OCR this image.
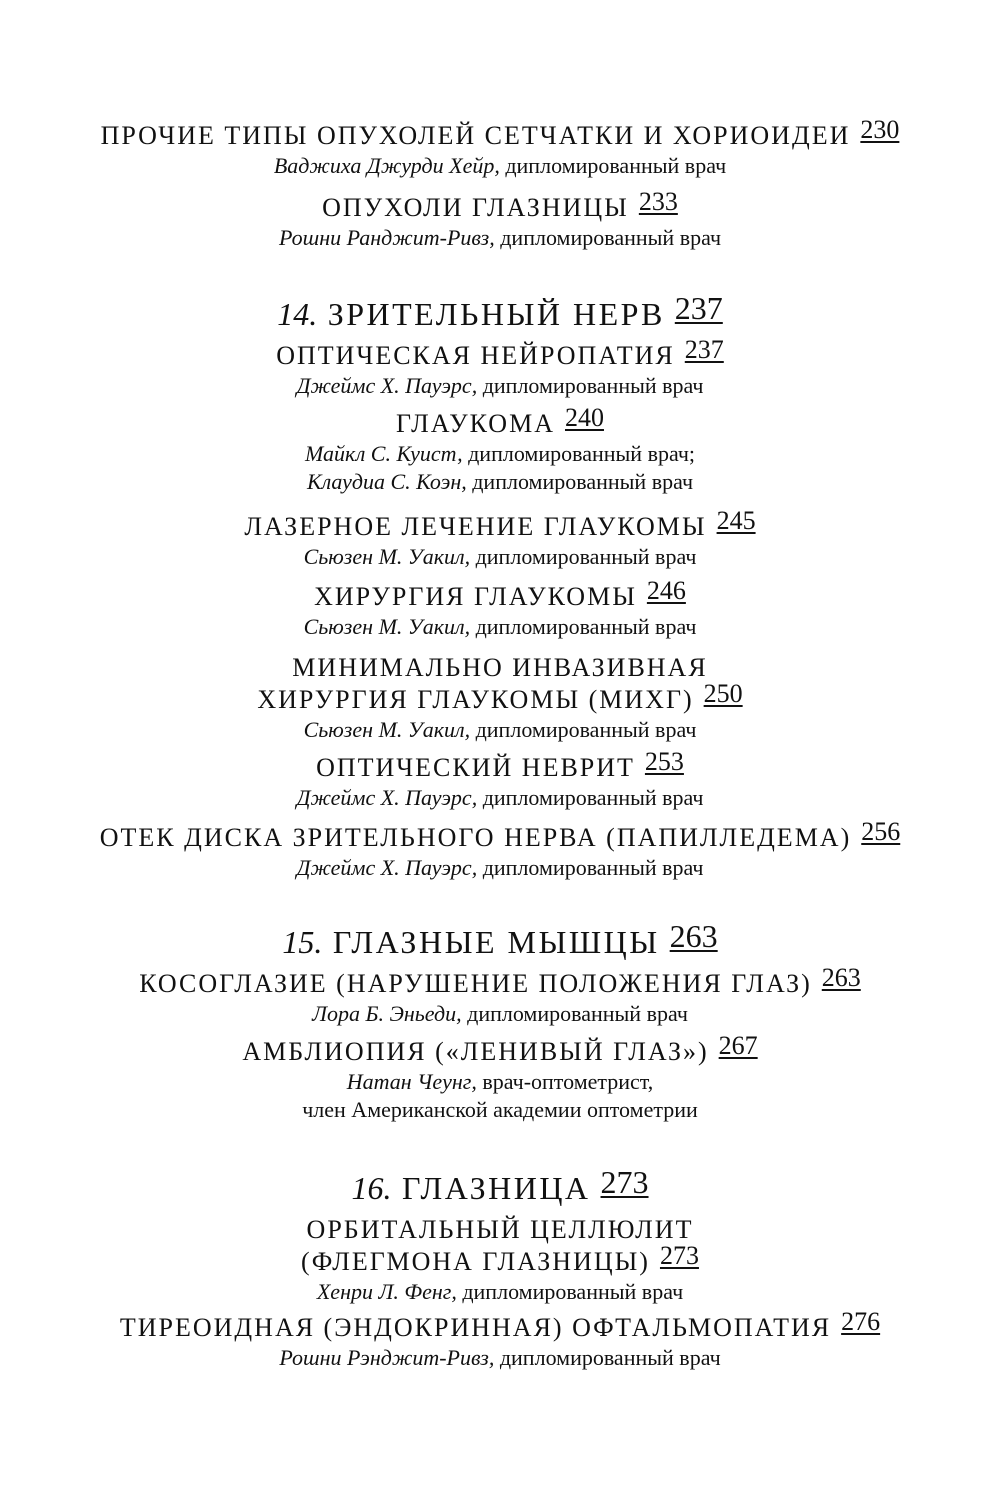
ПРОЧИЕ ТИПЫ ОПУХОЛЕЙ СЕТЧАТКИ И ХОРИОИДЕИ 230
Ваджиха Джурди Хейр, дипломированный врач
ОПУХОЛИ ГЛАЗНИЦЫ 233
Рошни Ранджит-Ривз, дипломированный врач
14. ЗРИТЕЛЬНЫЙ НЕРВ 237
ОПТИЧЕСКАЯ НЕЙРОПАТИЯ 237
Джеймс Х. Пауэрс, дипломированный врач
ГЛАУКОМА 240
Майкл С. Куист, дипломированный врач;
Клаудиа С. Коэн, дипломированный врач
ЛАЗЕРНОЕ ЛЕЧЕНИЕ ГЛАУКОМЫ 245
Сьюзен М. Уакил, дипломированный врач
ХИРУРГИЯ ГЛАУКОМЫ 246
Сьюзен М. Уакил, дипломированный врач
МИНИМАЛЬНО ИНВАЗИВНАЯ
ХИРУРГИЯ ГЛАУКОМЫ (МИХГ) 250
Сьюзен М. Уакил, дипломированный врач
ОПТИЧЕСКИЙ НЕВРИТ 253
Джеймс Х. Пауэрс, дипломированный врач
ОТЕК ДИСКА ЗРИТЕЛЬНОГО НЕРВА (ПАПИЛЛЕДЕМА) 256
Джеймс Х. Пауэрс, дипломированный врач
15. ГЛАЗНЫЕ МЫШЦЫ 263
КОСОГЛАЗИЕ (НАРУШЕНИЕ ПОЛОЖЕНИЯ ГЛАЗ) 263
Лора Б. Эньеди, дипломированный врач
АМБЛИОПИЯ («ЛЕНИВЫЙ ГЛАЗ») 267
Натан Чеунг, врач-оптометрист,
член Американской академии оптометрии
16. ГЛАЗНИЦА 273
ОРБИТАЛЬНЫЙ ЦЕЛЛЮЛИТ
(ФЛЕГМОНА ГЛАЗНИЦЫ) 273
Хенри Л. Фенг, дипломированный врач
ТИРЕОИДНАЯ (ЭНДОКРИННАЯ) ОФТАЛЬМОПАТИЯ 276
Рошни Рэнджит-Ривз, дипломированный врач
